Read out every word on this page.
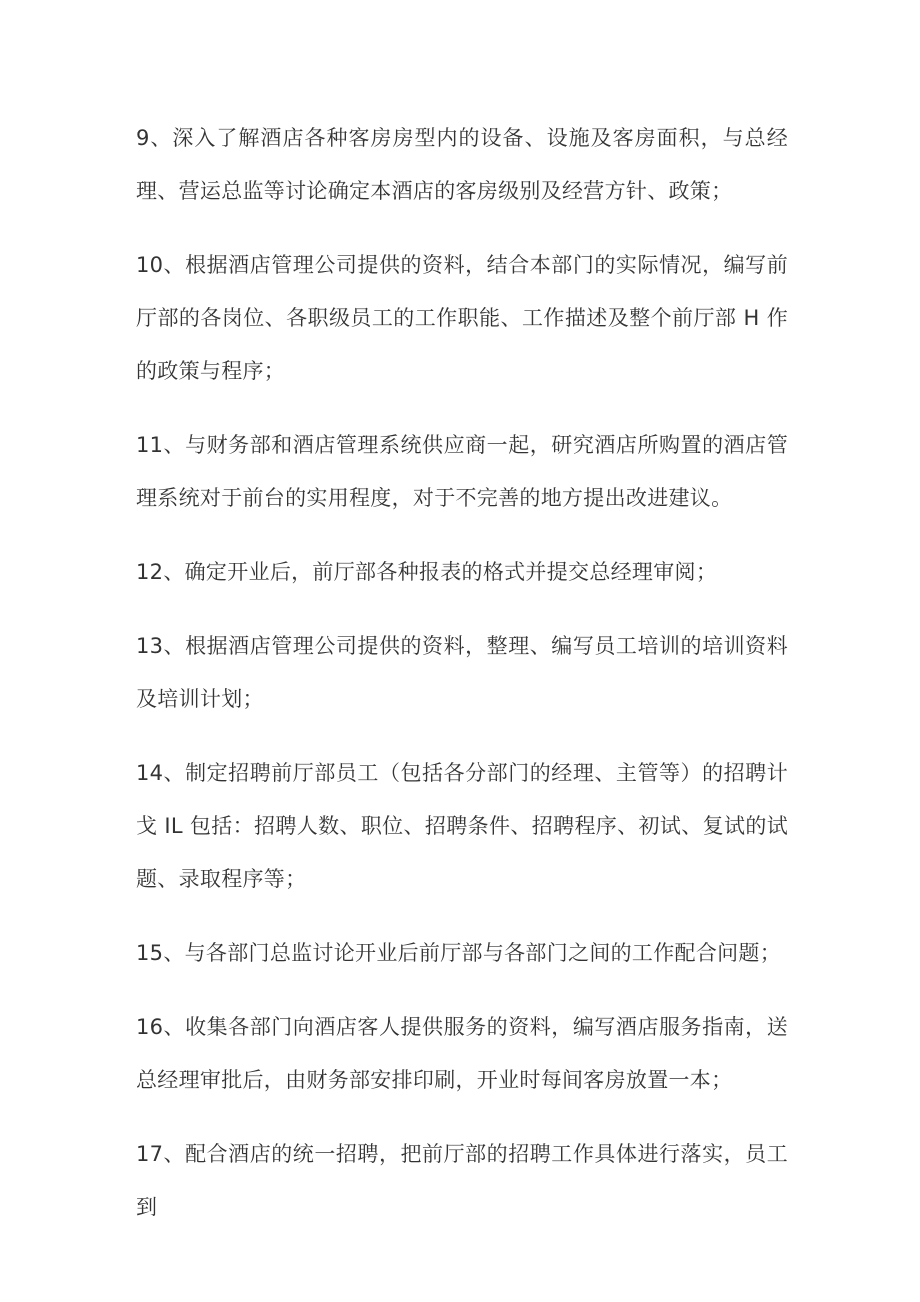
9、深入了解酒店各种客房房型内的设备、设施及客房面积，与总经理、营运总监等讨论确定本酒店的客房级别及经营方针、政策；

10、根据酒店管理公司提供的资料，结合本部门的实际情况，编写前厅部的各岗位、各职级员工的工作职能、工作描述及整个前厅部 H 作的政策与程序；

11、与财务部和酒店管理系统供应商一起，研究酒店所购置的酒店管理系统对于前台的实用程度，对于不完善的地方提出改进建议。

12、确定开业后，前厅部各种报表的格式并提交总经理审阅；

13、根据酒店管理公司提供的资料，整理、编写员工培训的培训资料及培训计划；

14、制定招聘前厅部员工（包括各分部门的经理、主管等）的招聘计戈 IL 包括：招聘人数、职位、招聘条件、招聘程序、初试、复试的试题、录取程序等；

15、与各部门总监讨论开业后前厅部与各部门之间的工作配合问题；

16、收集各部门向酒店客人提供服务的资料，编写酒店服务指南，送总经理审批后，由财务部安排印刷，开业时每间客房放置一本；

17、配合酒店的统一招聘，把前厅部的招聘工作具体进行落实，员工到
